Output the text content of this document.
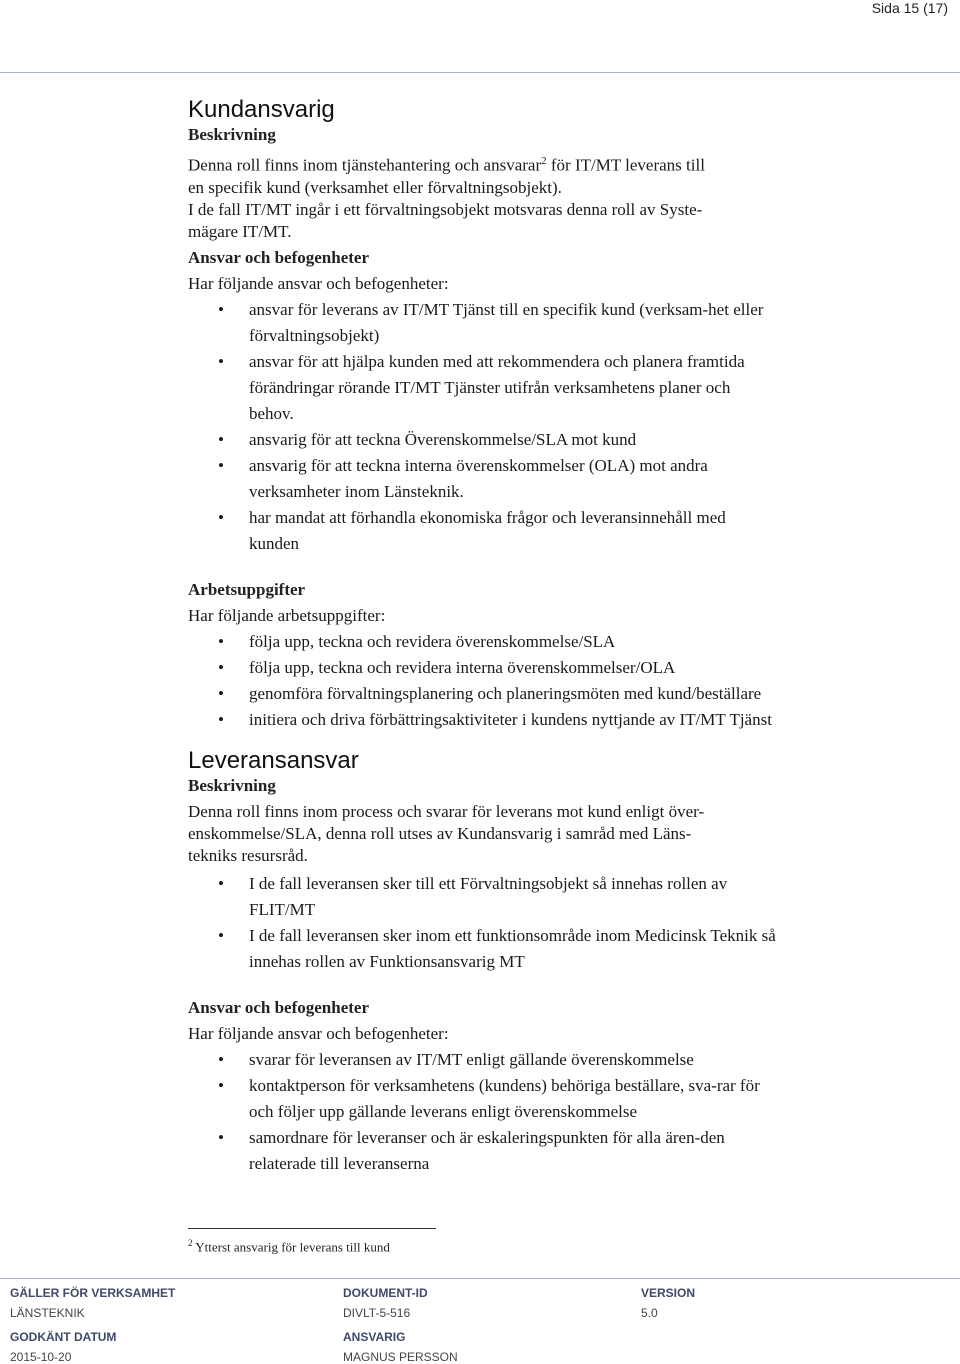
Sida 15 (17)
Kundansvarig
Beskrivning

Denna roll finns inom tjänstehantering och ansvarar$^2$ för IT/MT leverans till

en specifik kund (verksamhet eller förvaltningsobjekt).

I de fall IT/MT ingår i ett förvaltningsobjekt motsvaras denna roll av Syste-

mägare IT/MT.

Ansvar och befogenheter

Har följande ansvar och befogenheter:

• ansvar för leverans av IT/MT Tjänst till en specifik kund (verksam-het eller förvaltningsobjekt)
• ansvar för att hjälpa kunden med att rekommendera och planera framtida förändringar rörande IT/MT Tjänster utifrån verksamhetens planer och behov.
• ansvarig för att teckna Överenskommelse/SLA mot kund
• ansvarig för att teckna interna överenskommelser (OLA) mot andra verksamheter inom Länsteknik.
• har mandat att förhandla ekonomiska frågor och leveransinnehåll med kunden
Arbetsuppgifter

Har följande arbetsuppgifter:

• följa upp, teckna och revidera överenskommelse/SLA
• följa upp, teckna och revidera interna överenskommelser/OLA
• genomföra förvaltningsplanering och planeringsmöten med kund/beställare
• initiera och driva förbättringsaktiviteter i kundens nyttjande av IT/MT Tjänst
Leveransansvar
Beskrivning

Denna roll finns inom process och svarar för leverans mot kund enligt över-

enskommelse/SLA, denna roll utses av Kundansvarig i samråd med Läns-

tekniks resursråd.

• I de fall leveransen sker till ett Förvaltningsobjekt så innehas rollen av FLIT/MT
• I de fall leveransen sker inom ett funktionsområde inom Medicinsk Teknik så innehas rollen av Funktionsansvarig MT
Ansvar och befogenheter

Har följande ansvar och befogenheter:

• svarar för leveransen av IT/MT enligt gällande överenskommelse
• kontaktperson för verksamhetens (kundens) behöriga beställare, sva-rar för och följer upp gällande leverans enligt överenskommelse
• samordnare för leveranser och är eskaleringspunkten för alla ären-den relaterade till leveranserna
$^2$ Ytterst ansvarig för leverans till kund
GÄLLER FÖR VERKSAMHET
LÄNSTEKNIK
DOKUMENT-ID
DIVLT-5-516
VERSION
5.0
GODKÄNT DATUM
2015-10-20
ANSVARIG
MAGNUS PERSSON
